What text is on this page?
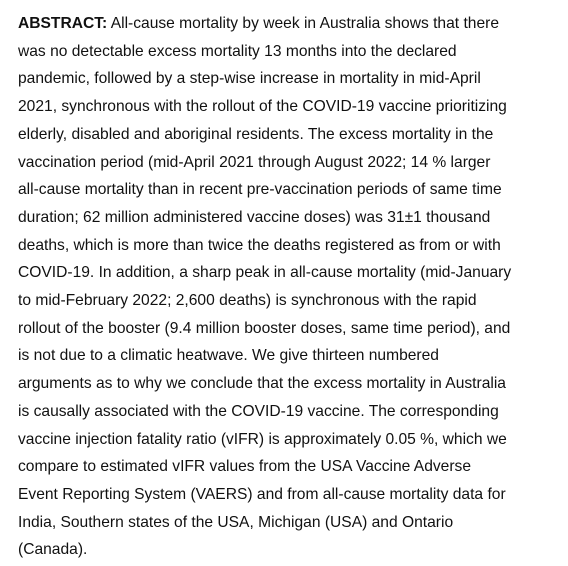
ABSTRACT: All-cause mortality by week in Australia shows that there
was no detectable excess mortality 13 months into the declared
pandemic, followed by a step-wise increase in mortality in mid-April
2021, synchronous with the rollout of the COVID-19 vaccine prioritizing
elderly, disabled and aboriginal residents. The excess mortality in the
vaccination period (mid-April 2021 through August 2022; 14 % larger
all-cause mortality than in recent pre-vaccination periods of same time
duration; 62 million administered vaccine doses) was 31±1 thousand
deaths, which is more than twice the deaths registered as from or with
COVID-19. In addition, a sharp peak in all-cause mortality (mid-January
to mid-February 2022; 2,600 deaths) is synchronous with the rapid
rollout of the booster (9.4 million booster doses, same time period), and
is not due to a climatic heatwave. We give thirteen numbered
arguments as to why we conclude that the excess mortality in Australia
is causally associated with the COVID-19 vaccine. The corresponding
vaccine injection fatality ratio (vIFR) is approximately 0.05 %, which we
compare to estimated vIFR values from the USA Vaccine Adverse
Event Reporting System (VAERS) and from all-cause mortality data for
India, Southern states of the USA, Michigan (USA) and Ontario
(Canada).
